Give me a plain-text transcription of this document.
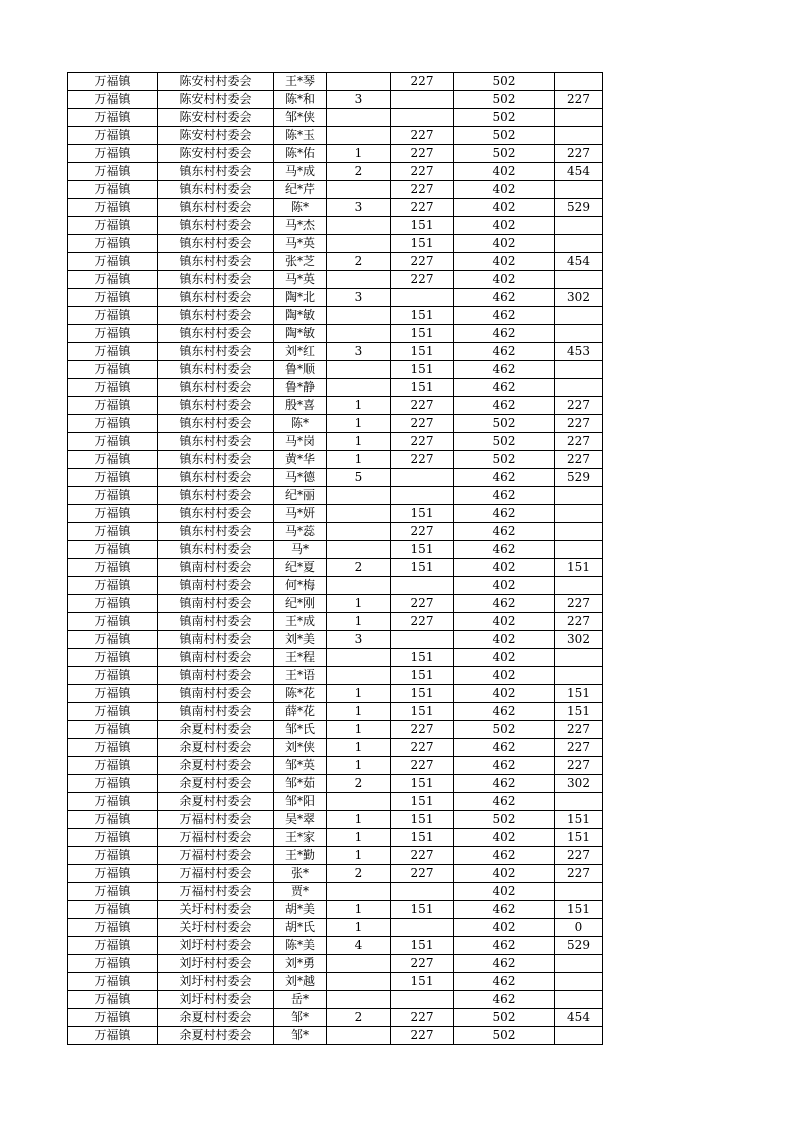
万福镇	陈安村村委会	王*琴		227	502	
万福镇	陈安村村委会	陈*和	3		502	227
万福镇	陈安村村委会	邹*侠			502	
万福镇	陈安村村委会	陈*玉		227	502	
万福镇	陈安村村委会	陈*佑	1	227	502	227
万福镇	镇东村村委会	马*成	2	227	402	454
万福镇	镇东村村委会	纪*芹		227	402	
万福镇	镇东村村委会	陈*	3	227	402	529
万福镇	镇东村村委会	马*杰		151	402	
万福镇	镇东村村委会	马*英		151	402	
万福镇	镇东村村委会	张*芝	2	227	402	454
万福镇	镇东村村委会	马*英		227	402	
万福镇	镇东村村委会	陶*北	3		462	302
万福镇	镇东村村委会	陶*敏		151	462	
万福镇	镇东村村委会	陶*敏		151	462	
万福镇	镇东村村委会	刘*红	3	151	462	453
万福镇	镇东村村委会	鲁*顺		151	462	
万福镇	镇东村村委会	鲁*静		151	462	
万福镇	镇东村村委会	殷*喜	1	227	462	227
万福镇	镇东村村委会	陈*	1	227	502	227
万福镇	镇东村村委会	马*岗	1	227	502	227
万福镇	镇东村村委会	黄*华	1	227	502	227
万福镇	镇东村村委会	马*德	5		462	529
万福镇	镇东村村委会	纪*丽			462	
万福镇	镇东村村委会	马*妍		151	462	
万福镇	镇东村村委会	马*蕊		227	462	
万福镇	镇东村村委会	马*		151	462	
万福镇	镇南村村委会	纪*夏	2	151	402	151
万福镇	镇南村村委会	何*梅			402	
万福镇	镇南村村委会	纪*刚	1	227	462	227
万福镇	镇南村村委会	王*成	1	227	402	227
万福镇	镇南村村委会	刘*美	3		402	302
万福镇	镇南村村委会	王*程		151	402	
万福镇	镇南村村委会	王*语		151	402	
万福镇	镇南村村委会	陈*花	1	151	402	151
万福镇	镇南村村委会	薛*花	1	151	462	151
万福镇	余夏村村委会	邹*氏	1	227	502	227
万福镇	余夏村村委会	刘*侠	1	227	462	227
万福镇	余夏村村委会	邹*英	1	227	462	227
万福镇	余夏村村委会	邹*茹	2	151	462	302
万福镇	余夏村村委会	邹*阳		151	462	
万福镇	万福村村委会	吴*翠	1	151	502	151
万福镇	万福村村委会	王*家	1	151	402	151
万福镇	万福村村委会	王*勤	1	227	462	227
万福镇	万福村村委会	张*	2	227	402	227
万福镇	万福村村委会	贾*			402	
万福镇	关圩村村委会	胡*美	1	151	462	151
万福镇	关圩村村委会	胡*氏	1		402	0
万福镇	刘圩村村委会	陈*美	4	151	462	529
万福镇	刘圩村村委会	刘*勇		227	462	
万福镇	刘圩村村委会	刘*越		151	462	
万福镇	刘圩村村委会	岳*			462	
万福镇	余夏村村委会	邹*	2	227	502	454
万福镇	余夏村村委会	邹*		227	502	
